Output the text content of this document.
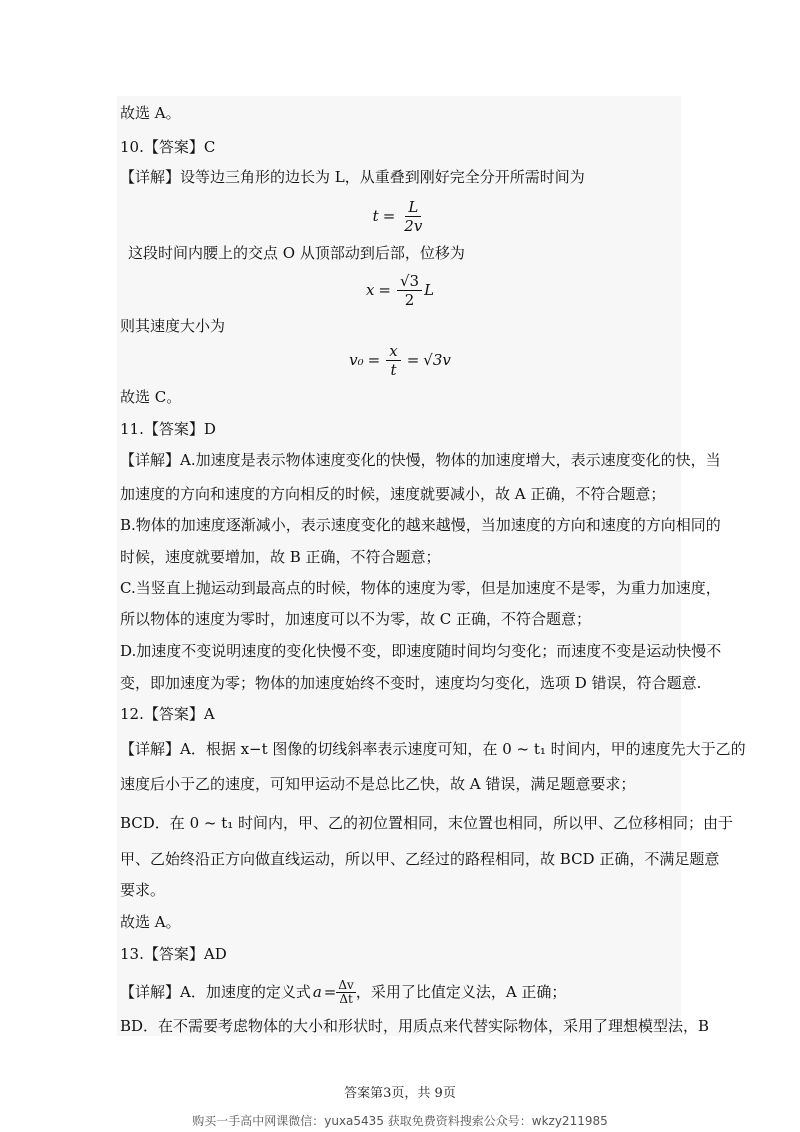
故选 A。
10.【答案】C
【详解】设等边三角形的边长为 L，从重叠到刚好完全分开所需时间为
$t = \frac{L}{2v}$
这段时间内腰上的交点 O 从顶部动到后部，位移为
$x = \frac{√3}{2}$ L
则其速度大小为
$v_0 = \frac{x}{t} = √3v$
故选 C。
11.【答案】D
【详解】A.加速度是表示物体速度变化的快慢，物体的加速度增大，表示速度变化的快，当
加速度的方向和速度的方向相反的时候，速度就要减小，故 A 正确，不符合题意；
B.物体的加速度逐渐减小，表示速度变化的越来越慢，当加速度的方向和速度的方向相同的
时候，速度就要增加，故 B 正确，不符合题意；
C.当竖直上抛运动到最高点的时候，物体的速度为零，但是加速度不是零，为重力加速度，
所以物体的速度为零时，加速度可以不为零，故 C 正确，不符合题意；
D.加速度不变说明速度的变化快慢不变，即速度随时间均匀变化；而速度不变是运动快慢不
变，即加速度为零；物体的加速度始终不变时，速度均匀变化，选项 D 错误，符合题意.
12.【答案】A
【详解】A．根据 x−t 图像的切线斜率表示速度可知，在 0 ~ t₁ 时间内，甲的速度先大于乙的
速度后小于乙的速度，可知甲运动不是总比乙快，故 A 错误，满足题意要求；
BCD．在 0 ~ t₁ 时间内，甲、乙的初位置相同，末位置也相同，所以甲、乙位移相同；由于
甲、乙始终沿正方向做直线运动，所以甲、乙经过的路程相同，故 BCD 正确，不满足题意
要求。
故选 A。
13.【答案】AD
【详解】A．加速度的定义式 $a = \frac{\Delta v}{\Delta t}$ ，采用了比值定义法，A 正确；
BD．在不需要考虑物体的大小和形状时，用质点来代替实际物体，采用了理想模型法，B
答案第3页，共 9页
购买一手高中网课微信：yuxa5435 获取免费资料搜索公众号：wkzy211985
